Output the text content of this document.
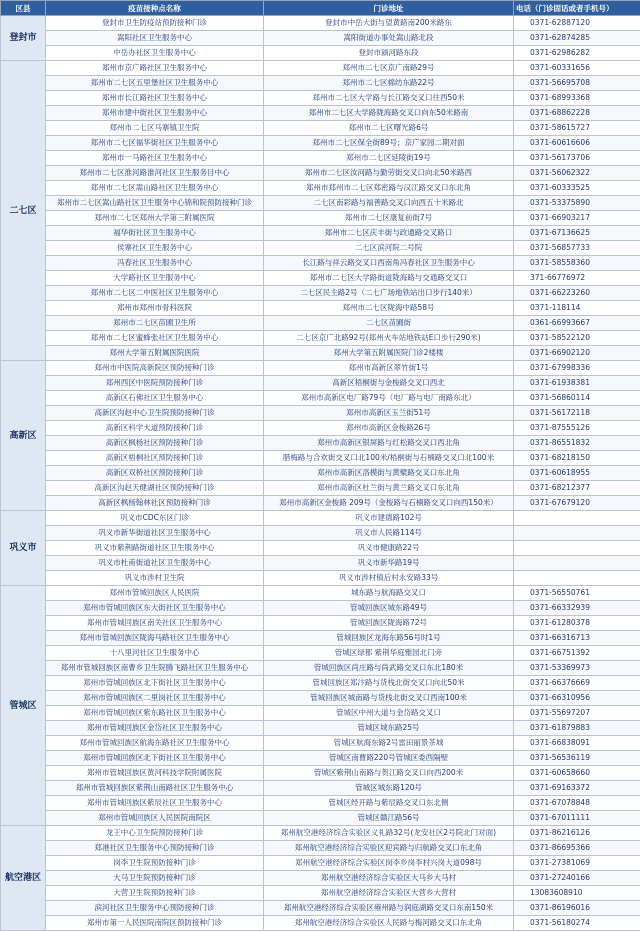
区县	疫苗接种点名称	门诊地址	电话（门诊固话或者手机号）
登封市	登封市卫生防疫站预防接种门诊	登封市中岳大街与望黄路南200米路东	0371-62887120
	嵩阳社区卫生服务中心	嵩阳街道办事处嵩山路北段	0371-62874285
	中岳办社区卫生服务中心	登封市颍河路东段	0371-62986282
二七区	郑州市京广路社区卫生服务中心	郑州市二七区京广南路29号	0371-60331656
	郑州市二七区五里堡社区卫生服务中心	郑州市二七区棉纺东路22号	0371-56695708
	郑州市长江路社区卫生服务中心	郑州市二七区大学路与长江路交叉口往西50米	0371-68993368
	郑州市建中街社区卫生服务中心	郑州市二七区大学路陇海路交叉口向东50米路南	0371-68862228
	郑州市二七区马寨镇卫生院	郑州市二七区曙光路6号	0371-58615727
	郑州市二七区福华街社区卫生服务中心	郑州市二七区保全街89号；京广家园二期对面	0371-60616606
	郑州市一马路社区卫生服务中心	郑州市二七区延陵街19号	0371-56173706
	郑州市二七区淮河路淮河社区卫生服务目中心	郑州市二七区汝河路与勤劳街交叉口向北50米路西	0371-56062322
	郑州市二七区嵩山路社区卫生服务中心	郑州市郑州市二七区郑密路与汉江路交叉口东北角	0371-60333525
	郑州市二七区嵩山路社区卫生服务中心锦和院预防接种门诊	二七区南彩路与福善路交叉口向西五十米路北	0371-53375890
	郑州市二七区郑州大学第三附属医院	郑州市二七区康复前街7号	0371-66903217
	福华街社区卫生服务中心	郑州市二七区庆丰街与政通路交叉路口	0371-67136625
	侯寨社区卫生服务中心	二七区滨河院二号院	0371-56857733
	冯春社区卫生服务中心	长江路与祥云路交叉口西南角冯春社区卫生服务中心	0371-58558360
	大学路社区卫生服务中心	郑州市二七区大学路街道陇海路与交通路交叉口	371-66776972
	郑州市二七区二中医社区卫生服务中心	二七区民主路2号（二七广场地铁站出口步行140米）	0371-66223260
	郑州市郑州市骨科医院	郑州市二七区陇海中路58号	0371-118114
	郑州市二七区苗圃卫生所	二七区苗圃街	0361-66993667
	郑州市二七区蜜蜂张社区卫生服务中心	二七区京广北路92号(郑州火车站地铁站E口步行290米)	0371-58522120
	郑州大学第五附属医院医院	郑州大学第五附属医院门诊2楼楼	0371-66902120
高新区	郑州市中医院高新院区预防接种门诊	郑州市高新区翠竹街1号	0371-67998336
	郑州西区中医院预防接种门诊	高新区梧桐街与金梭路交叉口西北	0371-61938381
	高新区石佛社区卫生服务中心	郑州市高新区电厂路79号（电厂路与电厂南路东北）	0371-56860114
	高新区沟赵中心卫生院预防接种门诊	郑州市高新区玉兰街51号	0371-56172118
	高新区科学大道预防接种门诊	郑州市高新区金梭路26号	0371-87555126
	高新区枫杨社区预防接种门诊	郑州市高新区银屏路与红松路交叉口西北角	0371-86551832
	高新区梧桐社区预防接种门诊	腊梅路与合欢街交叉口北100米/梧桐街与石楠路交叉口北100米	0371-68218150
	高新区双桥社区预防接种门诊	郑州市高新区洛模街与黄檗路交叉口东北角	0371-60618955
	高新区沟赵天健湖社区预防接种门诊	郑州市高新区杜兰街与黄兰路交叉口东北角	0371-68212377
	高新区枫杨翰林社区预防接种门诊	郑州市高新区金梭路 209号（金梭路与石楠路交叉口向西150米）	0371-67679120
巩义市	巩义市CDC东区门诊	巩义市建德路102号	
	巩义市新华街道社区卫生服务中心	巩义市人民路114号	
	巩义市紫荆路街道社区卫生服务中心	巩义市健康路22号	
	巩义市杜甫街道社区卫生服务中心	巩义市新华路19号	
	巩义市涉村卫生院	巩义市涉村镇后村永安路33号	
管城区	郑州市管城回族区人民医院	城东路与航海路交叉口	0371-56550761
	郑州市管城回族区东大街社区卫生服务中心	管城回族区城东路49号	0371-66332939
	郑州市管城回族区南关社区卫生服务中心	管城回族区陇海路72号	0371-61280378
	郑州市管城回族区陇海马路社区卫生服务中心	管城回族区龙海东路56号时1号	0371-66316713
	十八里河社区卫生服务中心	管城区绿都 紫荆华庭雅园北门旁	0371-66751392
	郑州市管城回族区南曹乡卫生院腾飞路社区卫生服务中心	管城回族区尚庄路与尚武路交叉口东北180米	0371-53369973
	郑州市管城回族区北下街社区卫生服务中心	管城回族区郑汴路与货栈北街交叉口向北50米	0371-66376669
	郑州市管城回族区二里岗社区卫生服务中心	管城回族区城南路与货栈北街交叉口西南100米	0371-66310956
	郑州市管城回族区紫东路社区卫生服务中心	管城区中州大道与金岱路交叉口	0371-55697207
	郑州市管城回族区金岱社区卫生服务中心	管城区城东路25号	0371-61879883
	郑州市管城回族区航海东路社区卫生服务中心	管城区航海东路2号雷田丽景茶城	0371-66838091
	郑州市管城回族区北下街社区卫生服务中心	管城区南曹路220号管城区委西隔壁	0371-56536119
	郑州市管城回族区黄河科技学院附属医院	管城区紫荆山南路与贺江路交叉口向西200米	0371-60658660
	郑州市管城回族区紫荆山南路社区卫生服务中心	管城区城东路120号	0371-69163372
	郑州市管城回族区紫辰社区卫生服务中心	管城区经开路与紫辰路交叉口东北侧	0371-67078848
	郑州市管城回族区人民医院南院区	管城区赣江路56号	0371-67011111
航空港区	龙王中心卫生院预防接种门诊	郑州航空港经济综合实验区义礼路32号(龙安社区2号院北门对面)	0371-86216126
	郑港社区卫生服务中心预防接种门诊	郑州航空港经济综合实验区迎宾路与归航路交叉口东北角	0371-86695366
	岗李卫生院预防接种门诊	郑州航空港经济综合实验区岗李乡岗李村兴岗大道098号	0371-27381069
	大马卫生院预防接种门诊	郑州航空港经济综合实验区大马乡大马村	0371-27240166
	大营卫生院预防接种门诊	郑州航空港经济综合实验区大营乡大营村	13083608910
	滨河社区卫生服务中心预防接种门诊	郑州航空港经济综合实验区雍州路与润庭湖路交叉口东南150米	0371-86196016
	郑州市第一人民医院南院区预防接种门诊	郑州航空港经济综合实验区人民路与梅河路交叉口东北角	0371-56180274
